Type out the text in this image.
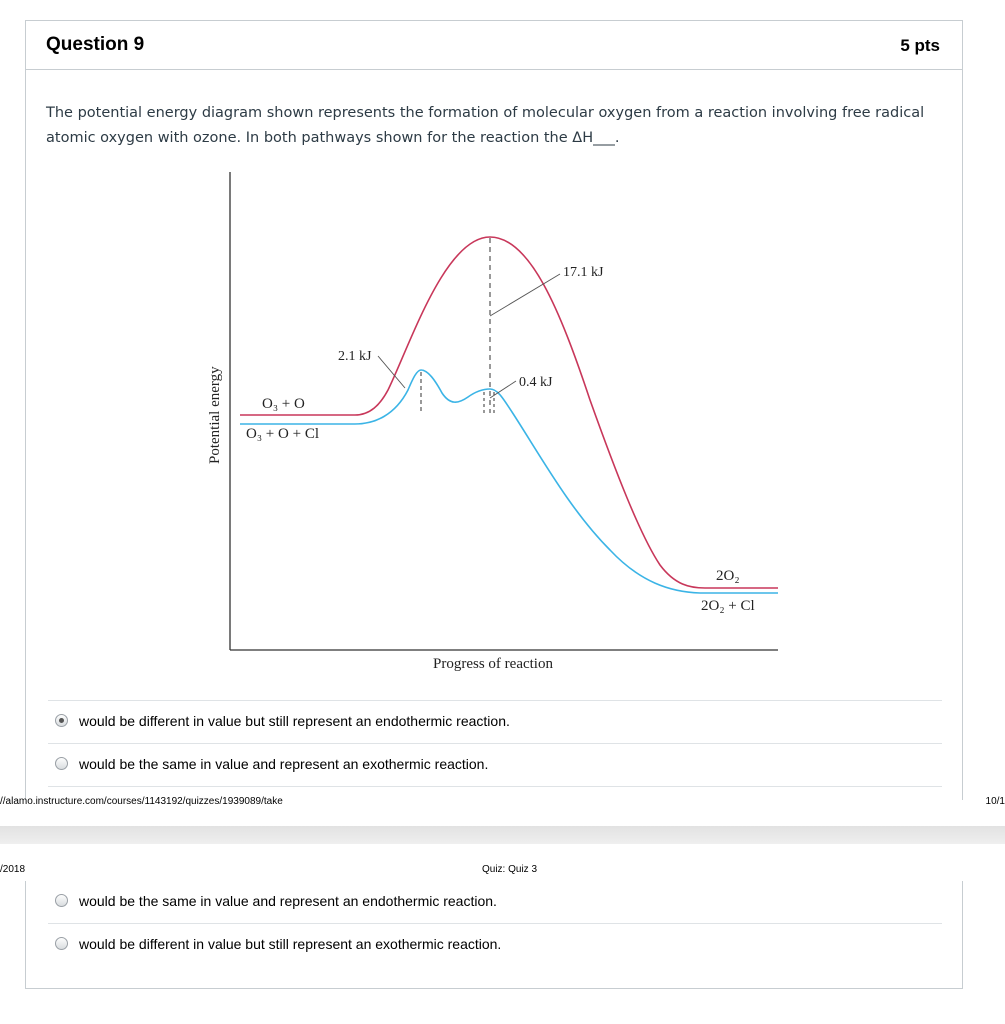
Question 9	5 pts
The potential energy diagram shown represents the formation of molecular oxygen from a reaction involving free radical atomic oxygen with ozone. In both pathways shown for the reaction the ΔH___.
would be different in value but still represent an endothermic reaction.
would be the same in value and represent an exothermic reaction.
17.1 kJ
2.1 kJ
0.4 kJ
O₃ + O
O₃ + O + Cl
2O₂
2O₂ + Cl
Progress of reaction
Potential energy
//alamo.instructure.com/courses/1143192/quizzes/1939089/take	10/1
/2018	Quiz: Quiz 3
would be the same in value and represent an endothermic reaction.
would be different in value but still represent an exothermic reaction.
